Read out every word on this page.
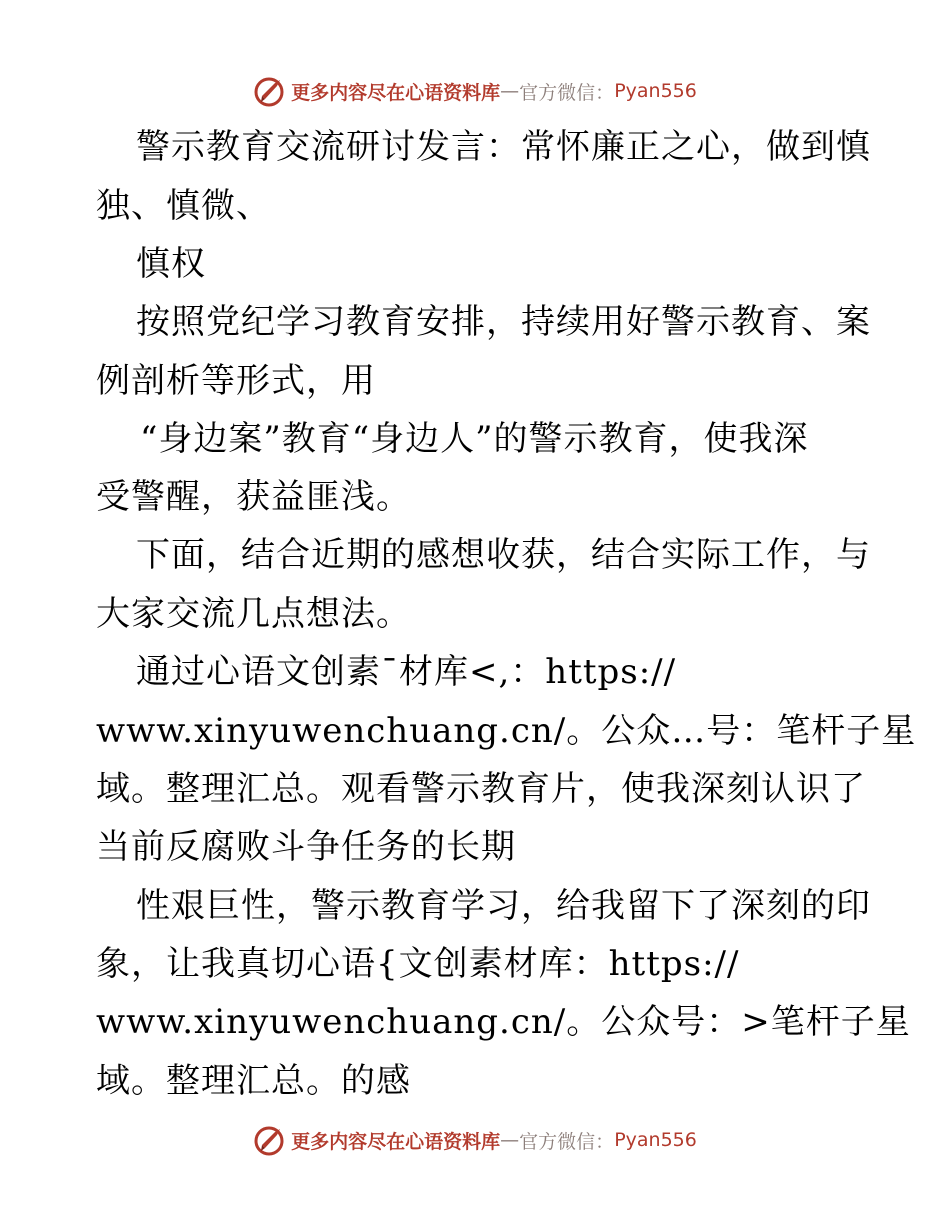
更多内容尽在心语资料库 — 官方微信： Pyan556
警示教育交流研讨发言：常怀廉正之心，做到慎
独、慎微、
慎权
按照党纪学习教育安排，持续用好警示教育、案
例剖析等形式，用
“身边案”教育“身边人”的警示教育，使我深
受警醒，获益匪浅。
下面，结合近期的感想收获，结合实际工作，与
大家交流几点想法。
通过心语文创素¯材库<,：https://
www.xinyuwenchuang.cn/。公众…号：笔杆子星
域。整理汇总。观看警示教育片，使我深刻认识了
当前反腐败斗争任务的长期
性艰巨性，警示教育学习，给我留下了深刻的印
象，让我真切心语{文创素材库：https://
www.xinyuwenchuang.cn/。公众号：>笔杆子星
域。整理汇总。的感
更多内容尽在心语资料库 — 官方微信： Pyan556
